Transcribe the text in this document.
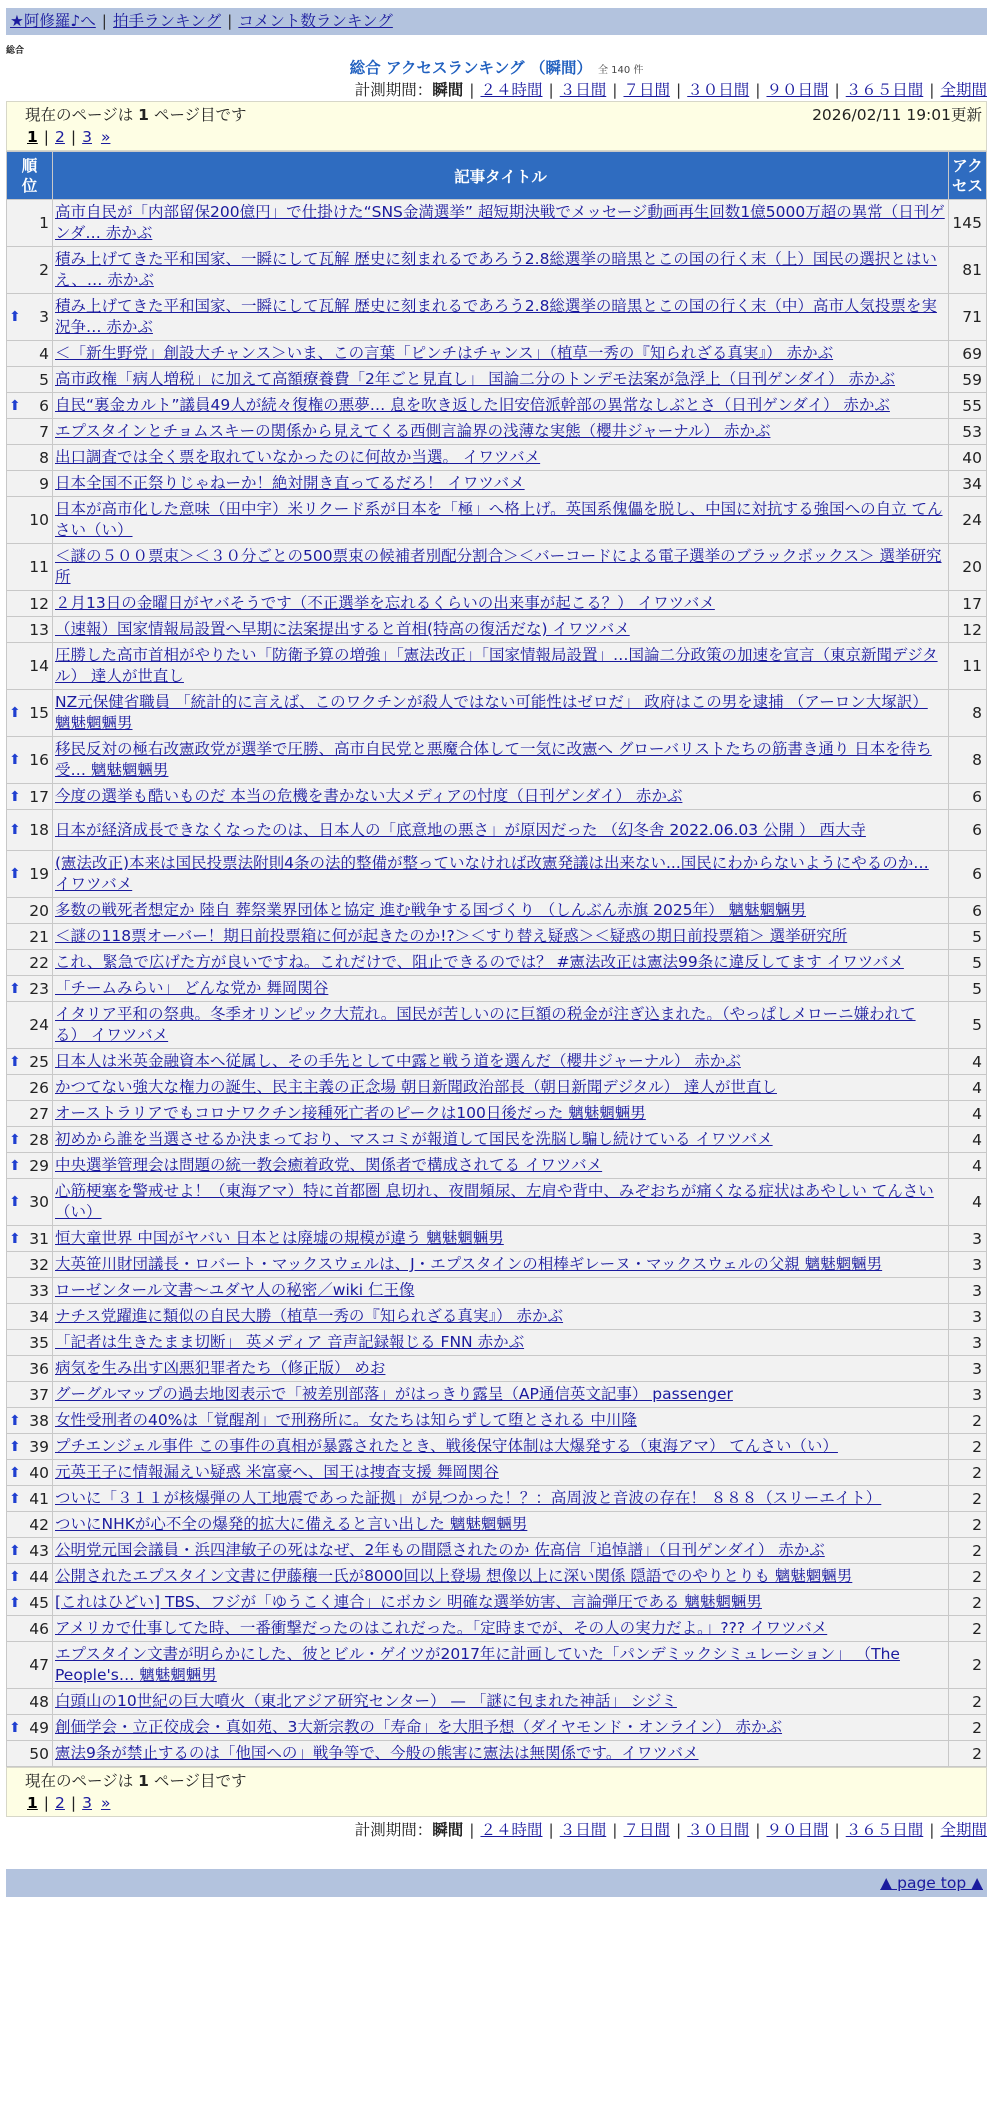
★阿修羅♪へ | 拍手ランキング | コメント数ランキング
総合
総合 アクセスランキング （瞬間） 全 140 件
計測期間：瞬間 | ２４時間 | ３日間 | ７日間 | ３０日間 | ９０日間 | ３６５日間 | 全期間
現在のページは 1 ページ目です	2026/02/11 19:01更新
1 | 2 | 3 »
順位	記事タイトル	アクセス

1	高市自民が「内部留保200億円」で仕掛けた“SNS金満選挙” 超短期決戦でメッセージ動画再生回数1億5000万超の異常（日刊ゲンダ… 赤かぶ	145
2	積み上げてきた平和国家、一瞬にして瓦解 歴史に刻まれるであろう2.8総選挙の暗黒とこの国の行く末（上）国民の選択とはいえ、… 赤かぶ	81

⬆ 3	積み上げてきた平和国家、一瞬にして瓦解 歴史に刻まれるであろう2.8総選挙の暗黒とこの国の行く末（中）高市人気投票を実況争… 赤かぶ	71
4	＜「新生野党」創設大チャンス＞いま、この言葉「ピンチはチャンス」（植草一秀の『知られざる真実』） 赤かぶ	69
5	高市政権「病人増税」に加えて高額療養費「2年ごと見直し」 国論二分のトンデモ法案が急浮上（日刊ゲンダイ） 赤かぶ	59

⬆ 6	自民“裏金カルト”議員49人が続々復権の悪夢… 息を吹き返した旧安倍派幹部の異常なしぶとさ（日刊ゲンダイ） 赤かぶ	55
7	エプスタインとチョムスキーの関係から見えてくる西側言論界の浅薄な実態（櫻井ジャーナル） 赤かぶ	53
8	出口調査では全く票を取れていなかったのに何故か当選。 イワツバメ	40
9	日本全国不正祭りじゃねーか！絶対開き直ってるだろ！ イワツバメ	34
10	日本が高市化した意味（田中宇）米リクード系が日本を「極」へ格上げ。英国系傀儡を脱し、中国に対抗する強国への自立 てんさい（い）	24
11	＜謎の５００票束＞＜３０分ごとの500票束の候補者別配分割合＞＜バーコードによる電子選挙のブラックボックス＞ 選挙研究所	20
12	２月13日の金曜日がヤバそうです（不正選挙を忘れるくらいの出来事が起こる？） イワツバメ	17
13	（速報）国家情報局設置へ早期に法案提出すると首相(特高の復活だな) イワツバメ	12
14	圧勝した高市首相がやりたい「防衛予算の増強」「憲法改正」「国家情報局設置」…国論二分政策の加速を宣言（東京新聞デジタル） 達人が世直し	11

⬆ 15	NZ元保健省職員 「統計的に言えば、このワクチンが殺人ではない可能性はゼロだ」 政府はこの男を逮捕 （アーロン大塚訳） 魑魅魍魎男	8

⬆ 16	移民反対の極右改憲政党が選挙で圧勝、高市自民党と悪魔合体して一気に改憲へ グローバリストたちの筋書き通り 日本を待ち受… 魑魅魍魎男	8

⬆ 17	今度の選挙も酷いものだ 本当の危機を書かない大メディアの忖度（日刊ゲンダイ） 赤かぶ	6

⬆ 18	日本が経済成長できなくなったのは、日本人の「底意地の悪さ」が原因だった （幻冬舎 2022.06.03 公開 ） 西大寺	6

⬆ 19	(憲法改正)本来は国民投票法附則4条の法的整備が整っていなければ改憲発議は出来ない...国民にわからないようにやるのか… イワツバメ	6
20	多数の戦死者想定か 陸自 葬祭業界団体と協定 進む戦争する国づくり （しんぶん赤旗 2025年） 魑魅魍魎男	6
21	＜謎の118票オーバー！期日前投票箱に何が起きたのか!?＞＜すり替え疑惑＞＜疑惑の期日前投票箱＞ 選挙研究所	5
22	これ、緊急で広げた方が良いですね。これだけで、阻止できるのでは？ #憲法改正は憲法99条に違反してます イワツバメ	5

⬆ 23	「チームみらい」 どんな党か 舞岡関谷	5
24	イタリア平和の祭典。冬季オリンピック大荒れ。国民が苦しいのに巨額の税金が注ぎ込まれた。（やっぱしメローニ嫌われてる） イワツバメ	5

⬆ 25	日本人は米英金融資本へ従属し、その手先として中露と戦う道を選んだ（櫻井ジャーナル） 赤かぶ	4
26	かつてない強大な権力の誕生、民主主義の正念場 朝日新聞政治部長（朝日新聞デジタル） 達人が世直し	4
27	オーストラリアでもコロナワクチン接種死亡者のピークは100日後だった 魑魅魍魎男	4

⬆ 28	初めから誰を当選させるか決まっており、マスコミが報道して国民を洗脳し騙し続けている イワツバメ	4

⬆ 29	中央選挙管理会は問題の統一教会癒着政党、関係者で構成されてる イワツバメ	4

⬆ 30	心筋梗塞を警戒せよ！（東海アマ）特に首都圏 息切れ、夜間頻尿、左肩や背中、みぞおちが痛くなる症状はあやしい てんさい（い）	4

⬆ 31	恒大童世界 中国がヤバい 日本とは廃墟の規模が違う 魑魅魍魎男	3
32	大英笹川財団議長・ロバート・マックスウェルは、J・エプスタインの相棒ギレーヌ・マックスウェルの父親 魑魅魍魎男	3
33	ローゼンタール文書～ユダヤ人の秘密／wiki 仁王像	3
34	ナチス党躍進に類似の自民大勝（植草一秀の『知られざる真実』） 赤かぶ	3
35	「記者は生きたまま切断」 英メディア 音声記録報じる FNN 赤かぶ	3
36	病気を生み出す凶悪犯罪者たち（修正版） めお	3
37	グーグルマップの過去地図表示で「被差別部落」がはっきり露呈（AP通信英文記事） passenger	3

⬆ 38	女性受刑者の40%は「覚醒剤」で刑務所に。女たちは知らずして堕とされる 中川隆	2

⬆ 39	プチエンジェル事件 この事件の真相が暴露されたとき、戦後保守体制は大爆発する（東海アマ） てんさい（い）	2

⬆ 40	元英王子に情報漏えい疑惑 米富豪へ、国王は捜査支援 舞岡関谷	2

⬆ 41	ついに「３１１が核爆弾の人工地震であった証拠」が見つかった！？：高周波と音波の存在！ ８８８（スリーエイト）	2
42	ついにNHKが心不全の爆発的拡大に備えると言い出した 魑魅魍魎男	2

⬆ 43	公明党元国会議員・浜四津敏子の死はなぜ、2年もの間隠されたのか 佐高信「追悼譜」（日刊ゲンダイ） 赤かぶ	2

⬆ 44	公開されたエプスタイン文書に伊藤穰一氏が8000回以上登場 想像以上に深い関係 隠語でのやりとりも 魑魅魍魎男	2

⬆ 45	[これはひどい] TBS、フジが「ゆうこく連合」にボカシ 明確な選挙妨害、言論弾圧である 魑魅魍魎男	2
46	アメリカで仕事してた時、一番衝撃だったのはこれだった。「定時までが、その人の実力だよ。」??? イワツバメ	2
47	エプスタイン文書が明らかにした、彼とビル・ゲイツが2017年に計画していた「パンデミックシミュレーション」 （The People's… 魑魅魍魎男	2
48	白頭山の10世紀の巨大噴火（東北アジア研究センター） — 「謎に包まれた神話」 シジミ	2

⬆ 49	創価学会・立正佼成会・真如苑、3大新宗教の「寿命」を大胆予想（ダイヤモンド・オンライン） 赤かぶ	2
50	憲法9条が禁止するのは「他国への」戦争等で、今般の熊害に憲法は無関係です。イワツバメ	2
現在のページは 1 ページ目です
1 | 2 | 3 »
計測期間：瞬間 | ２４時間 | ３日間 | ７日間 | ３０日間 | ９０日間 | ３６５日間 | 全期間
▲ page top ▲
